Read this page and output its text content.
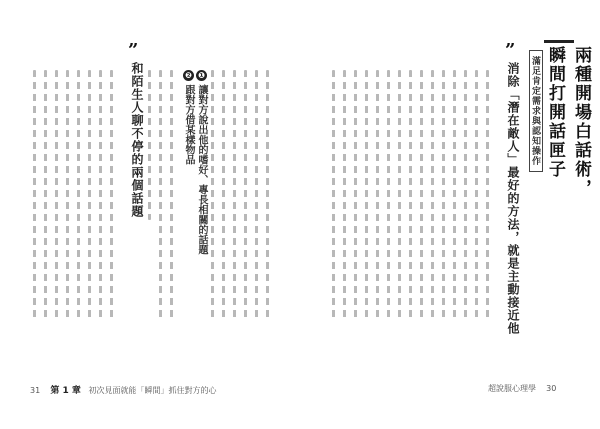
兩種開場白話術，
瞬間打開話匣子
滿足肯定需求與認知操作
”
消除「潛在敵人」最好的方法，就是主動接近他
超說服心理學 30
❶ 讓對方說出他的嗜好、專長相關的話題
❷ 跟對方借某樣物品
”
和陌生人聊不停的兩個話題
31 第 1 章 初次見面就能「瞬間」抓住對方的心
